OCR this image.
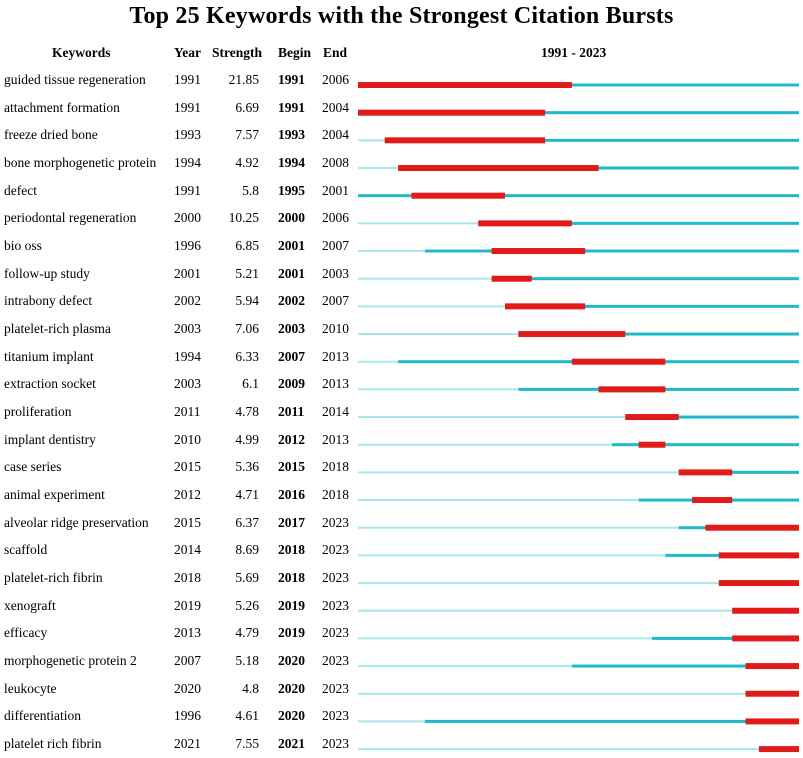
Top 25 Keywords with the Strongest Citation Bursts
Keywords	Year Strength Begin End	1991 - 2023
guided tissue regeneration 1991	21.85 1991 2006
attachment formation	1991	6.69 1991 2004
freeze dried bone	1993	7.57 1993 2004
bone morphogenetic protein 1994	4.92 1994 2008
defect	1991	5.8 1995 2001
periodontal regeneration	2000	10.25 2000 2006
bio oss	1996	6.85 2001 2007
follow-up study	2001	5.21 2001 2003
intrabony defect	2002	5.94 2002 2007
platelet-rich plasma	2003	7.06 2003 2010
titanium implant	1994	6.33 2007 2013
extraction socket	2003	6.1 2009 2013
proliferation	2011	4.78 2011 2014
implant dentistry	2010	4.99 2012 2013
case series	2015	5.36 2015 2018
animal experiment	2012	4.71 2016 2018
alveolar ridge preservation 2015	6.37 2017 2023
scaffold	2014	8.69 2018 2023
platelet-rich fibrin	2018	5.69 2018 2023
xenograft	2019	5.26 2019 2023
efficacy	2013	4.79 2019 2023
morphogenetic protein 2	2007	5.18 2020 2023
leukocyte	2020	4.8 2020 2023
differentiation	1996	4.61 2020 2023
platelet rich fibrin	2021	7.55 2021 2023
